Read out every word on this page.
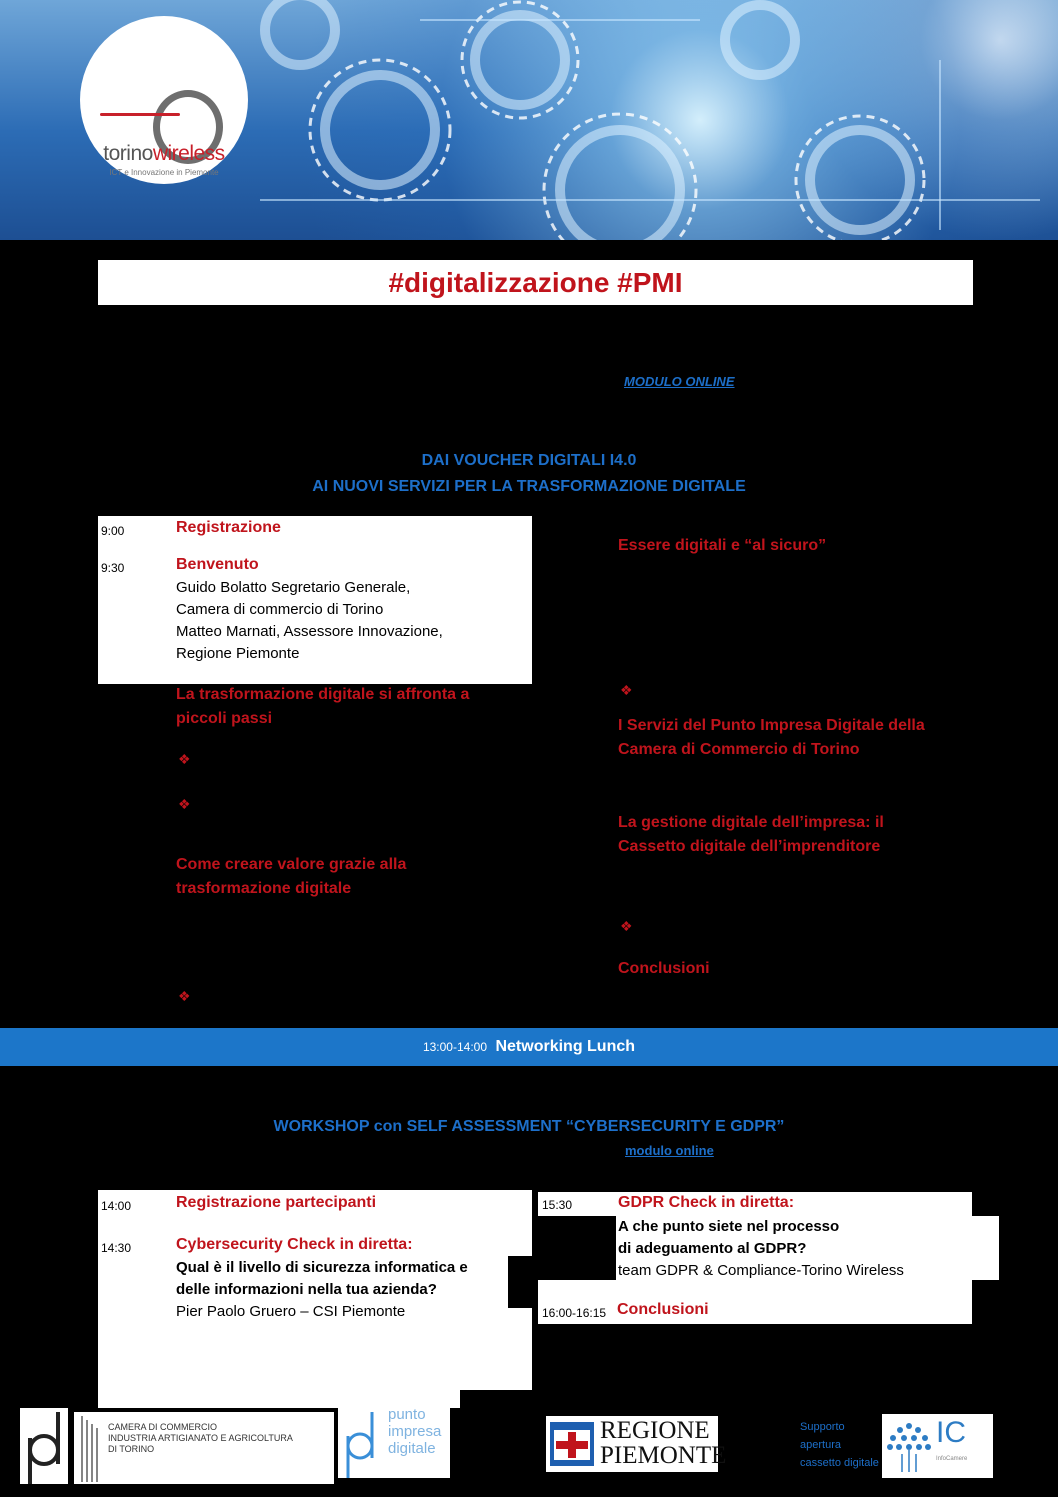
torinowireless
ICT e Innovazione in Piemonte
#digitalizzazione #PMI
MODULO ONLINE
DAI VOUCHER DIGITALI I4.0
AI NUOVI SERVIZI PER LA TRASFORMAZIONE DIGITALE
9:00	Registrazione
9:30	Benvenuto
Guido Bolatto Segretario Generale,
Camera di commercio di Torino
Matteo Marnati, Assessore Innovazione,
Regione Piemonte
La trasformazione digitale si affronta a
piccoli passi
❖
❖
Come creare valore grazie alla
trasformazione digitale
❖
Essere digitali e “al sicuro”
❖
I Servizi del Punto Impresa Digitale della
Camera di Commercio di Torino
La gestione digitale dell’impresa: il
Cassetto digitale dell’imprenditore
❖
Conclusioni
13:00-14:00 Networking Lunch
WORKSHOP con SELF ASSESSMENT “CYBERSECURITY E GDPR”
modulo online
14:00	Registrazione partecipanti
14:30	Cybersecurity Check in diretta:
Qual è il livello di sicurezza informatica e
delle informazioni nella tua azienda?
Pier Paolo Gruero – CSI Piemonte
15:30	GDPR Check in diretta:
A che punto siete nel processo
di adeguamento al GDPR?
team GDPR & Compliance-Torino Wireless
16:00-16:15 Conclusioni
CAMERA DI COMMERCIO
INDUSTRIA ARTIGIANATO E AGRICOLTURA
DI TORINO
punto
impresa
digitale
REGIONE
PIEMONTE
Supporto
apertura
cassetto digitale
IC
InfoCamere
